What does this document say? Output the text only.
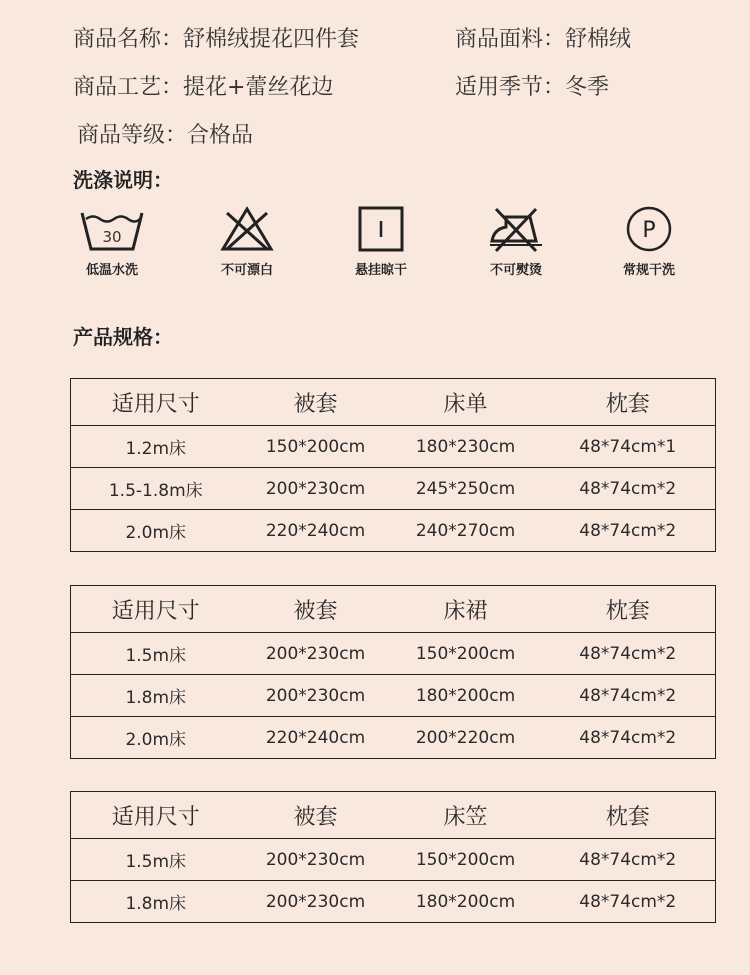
商品名称：舒棉绒提花四件套	商品面料：舒棉绒
商品工艺：提花+蕾丝花边	适用季节：冬季
商品等级：合格品
洗涤说明：
30
低温水洗	不可漂白	悬挂晾干	不可熨烫
P
常规干洗
产品规格：
适用尺寸	被套	床单	枕套
1.2m床	150*200cm	180*230cm	48*74cm*1
1.5-1.8m床	200*230cm	245*250cm	48*74cm*2
2.0m床	220*240cm	240*270cm	48*74cm*2
适用尺寸	被套	床裙	枕套
1.5m床	200*230cm	150*200cm	48*74cm*2
1.8m床	200*230cm	180*200cm	48*74cm*2
2.0m床	220*240cm	200*220cm	48*74cm*2
适用尺寸	被套	床笠	枕套
1.5m床	200*230cm	150*200cm	48*74cm*2
1.8m床	200*230cm	180*200cm	48*74cm*2
